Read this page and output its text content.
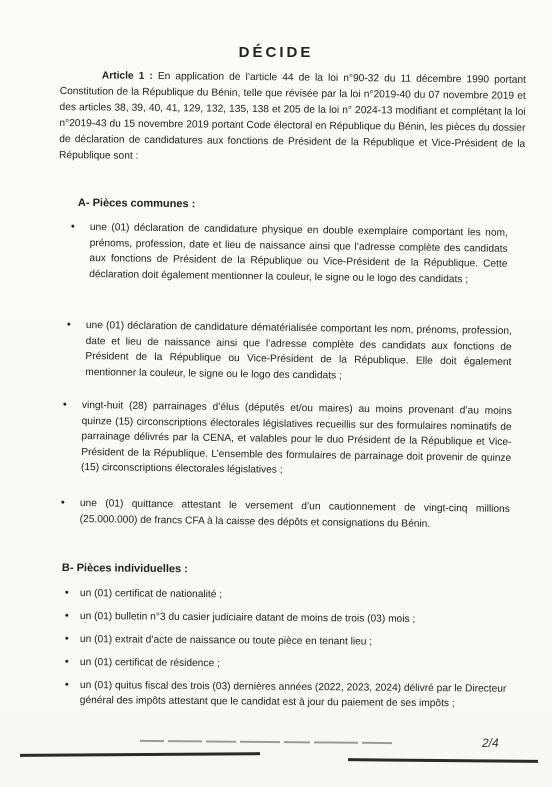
DÉCIDE
Article 1 : En application de l’article 44 de la loi n°90-32 du 11 décembre 1990 portant Constitution de la République du Bénin, telle que révisée par la loi n°2019-40 du 07 novembre 2019 et des articles 38, 39, 40, 41, 129, 132, 135, 138 et 205 de la loi n° 2024-13 modifiant et complétant la loi n°2019-43 du 15 novembre 2019 portant Code électoral en République du Bénin, les pièces du dossier de déclaration de candidatures aux fonctions de Président de la République et Vice-Président de la République sont :
A- Pièces communes :
• une (01) déclaration de candidature physique en double exemplaire comportant les nom, prénoms, profession, date et lieu de naissance ainsi que l’adresse complète des candidats aux fonctions de Président de la République ou Vice-Président de la République. Cette déclaration doit également mentionner la couleur, le signe ou le logo des candidats ;
• une (01) déclaration de candidature dématérialisée comportant les nom, prénoms, profession, date et lieu de naissance ainsi que l’adresse complète des candidats aux fonctions de Président de la République ou Vice-Président de la République. Elle doit également mentionner la couleur, le signe ou le logo des candidats ;
• vingt-huit (28) parrainages d’élus (députés et/ou maires) au moins provenant d’au moins quinze (15) circonscriptions électorales législatives recueillis sur des formulaires nominatifs de parrainage délivrés par la CENA, et valables pour le duo Président de la République et Vice-Président de la République. L’ensemble des formulaires de parrainage doit provenir de quinze (15) circonscriptions électorales législatives ;
• une (01) quittance attestant le versement d’un cautionnement de vingt-cinq millions (25.000.000) de francs CFA à la caisse des dépôts et consignations du Bénin.
B- Pièces individuelles :
• un (01) certificat de nationalité ;
• un (01) bulletin n°3 du casier judiciaire datant de moins de trois (03) mois ;
• un (01) extrait d’acte de naissance ou toute pièce en tenant lieu ;
• un (01) certificat de résidence ;
• un (01) quitus fiscal des trois (03) dernières années (2022, 2023, 2024) délivré par le Directeur général des impôts attestant que le candidat est à jour du paiement de ses impôts ;
2/4
